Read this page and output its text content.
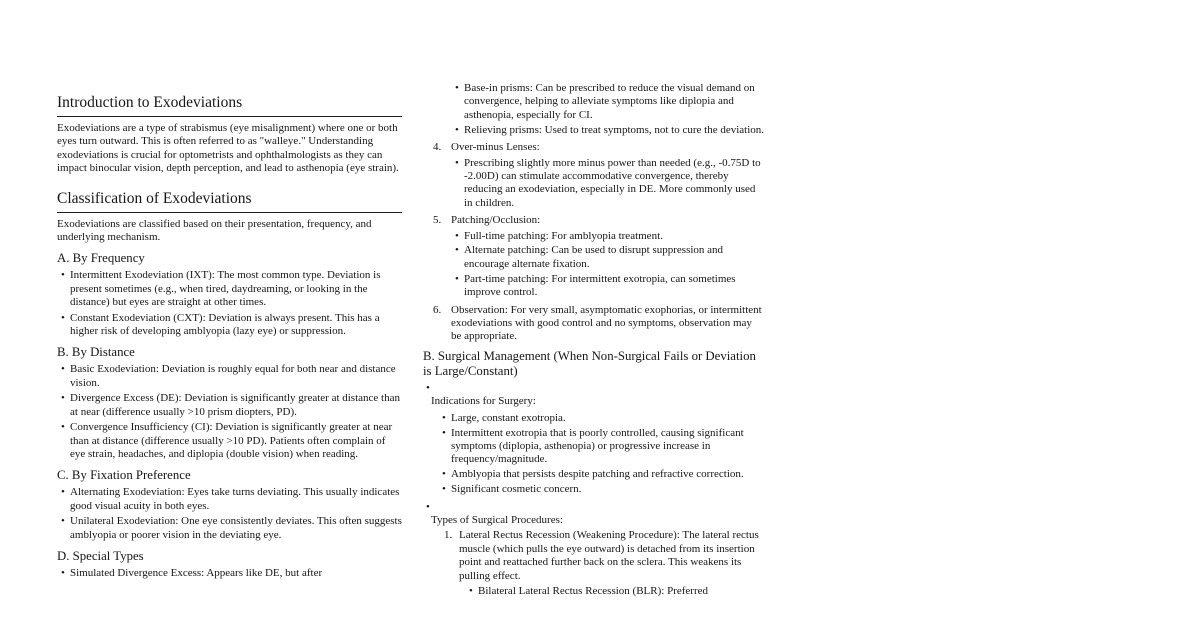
Introduction to Exodeviations

Exodeviations are a type of strabismus (eye misalignment) where one or both eyes turn outward. This is often referred to as "walleye." Understanding exodeviations is crucial for optometrists and ophthalmologists as they can impact binocular vision, depth perception, and lead to asthenopia (eye strain).

Classification of Exodeviations

Exodeviations are classified based on their presentation, frequency, and underlying mechanism.

A. By Frequency
• Intermittent Exodeviation (IXT): The most common type. Deviation is present sometimes (e.g., when tired, daydreaming, or looking in the distance) but eyes are straight at other times.
• Constant Exodeviation (CXT): Deviation is always present. This has a higher risk of developing amblyopia (lazy eye) or suppression.
B. By Distance
• Basic Exodeviation: Deviation is roughly equal for both near and distance vision.
• Divergence Excess (DE): Deviation is significantly greater at distance than at near (difference usually >10 prism diopters, PD).
• Convergence Insufficiency (CI): Deviation is significantly greater at near than at distance (difference usually >10 PD). Patients often complain of eye strain, headaches, and diplopia (double vision) when reading.
C. By Fixation Preference
• Alternating Exodeviation: Eyes take turns deviating. This usually indicates good visual acuity in both eyes.
• Unilateral Exodeviation: One eye consistently deviates. This often suggests amblyopia or poorer vision in the deviating eye.
D. Special Types
• Simulated Divergence Excess: Appears like DE, but after
• Base-in prisms: Can be prescribed to reduce the visual demand on convergence, helping to alleviate symptoms like diplopia and asthenopia, especially for CI.
• Relieving prisms: Used to treat symptoms, not to cure the deviation.
4. Over-minus Lenses:
• Prescribing slightly more minus power than needed (e.g., -0.75D to -2.00D) can stimulate accommodative convergence, thereby reducing an exodeviation, especially in DE. More commonly used in children.
5. Patching/Occlusion:
• Full-time patching: For amblyopia treatment.
• Alternate patching: Can be used to disrupt suppression and encourage alternate fixation.
• Part-time patching: For intermittent exotropia, can sometimes improve control.
6. Observation: For very small, asymptomatic exophorias, or intermittent exodeviations with good control and no symptoms, observation may be appropriate.
B. Surgical Management (When Non-Surgical Fails or Deviation is Large/Constant)
• Indications for Surgery:
• Large, constant exotropia.
• Intermittent exotropia that is poorly controlled, causing significant symptoms (diplopia, asthenopia) or progressive increase in frequency/magnitude.
• Amblyopia that persists despite patching and refractive correction.
• Significant cosmetic concern.
• Types of Surgical Procedures:
1. Lateral Rectus Recession (Weakening Procedure): The lateral rectus muscle (which pulls the eye outward) is detached from its insertion point and reattached further back on the sclera. This weakens its pulling effect.
• Bilateral Lateral Rectus Recession (BLR): Preferred
